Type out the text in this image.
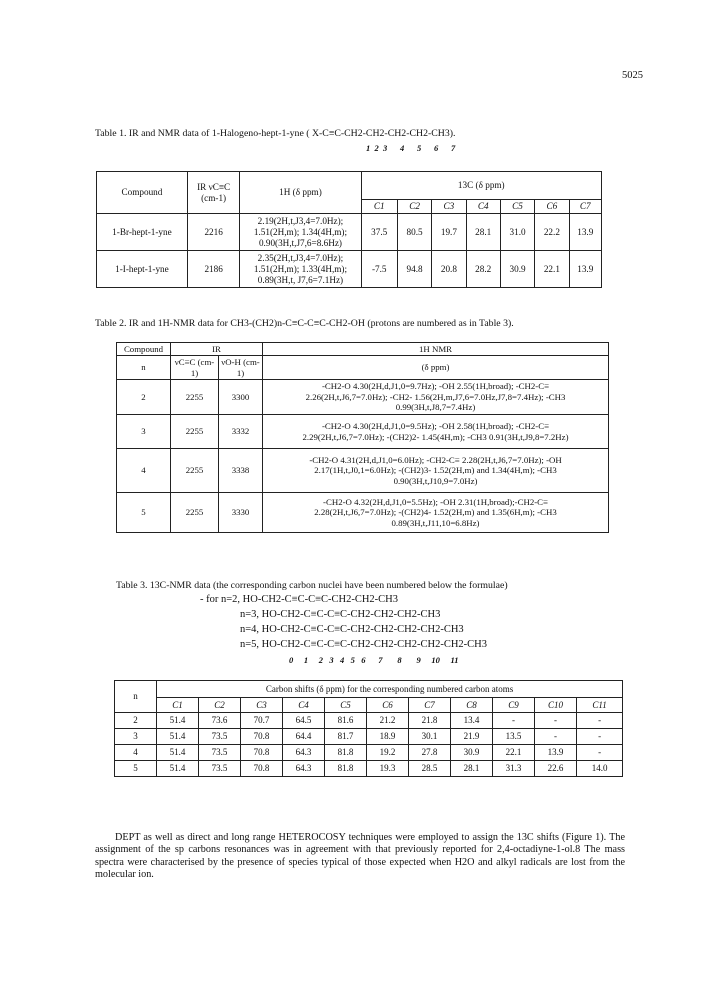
5025
Table 1. IR and NMR data of 1-Halogeno-hept-1-yne ( X-C≡C-CH2-CH2-CH2-CH2-CH3).
1  2  3      4      5      6      7
Compound	IR νC≡C (cm-1)	1H (δ ppm)	13C (δ ppm)						
			C1	C2	C3	C4	C5	C6	C7
1-Br-hept-1-yne	2216	2.19(2H,t,J3,4=7.0Hz);
1.51(2H,m); 1.34(4H,m);
0.90(3H,t,J7,6=8.6Hz)	37.5	80.5	19.7	28.1	31.0	22.2	13.9
1-I-hept-1-yne	2186	2.35(2H,t,J3,4=7.0Hz);
1.51(2H,m); 1.33(4H,m);
0.89(3H,t, J7,6=7.1Hz)	-7.5	94.8	20.8	28.2	30.9	22.1	13.9
Table 2. IR and 1H-NMR data for CH3-(CH2)n-C≡C-C≡C-CH2-OH (protons are numbered as in Table 3).
Compound	IR		1H NMR
n	νC≡C (cm-1)	νO-H (cm-1)	(δ ppm)
2	2255	3300	-CH2-O 4.30(2H,d,J1,0=9.7Hz); -OH 2.55(1H,broad); -CH2-C≡
2.26(2H,t,J6,7=7.0Hz); -CH2- 1.56(2H,m,J7,6=7.0Hz,J7,8=7.4Hz); -CH3
0.99(3H,t,J8,7=7.4Hz)

3	2255	3332	-CH2-O 4.30(2H,d,J1,0=9.5Hz); -OH 2.58(1H,broad); -CH2-C≡
2.29(2H,t,J6,7=7.0Hz); -(CH2)2- 1.45(4H,m); -CH3 0.91(3H,t,J9,8=7.2Hz)

4	2255	3338	-CH2-O 4.31(2H,d,J1,0=6.0Hz); -CH2-C≡ 2.28(2H,t,J6,7=7.0Hz); -OH
2.17(1H,t,J0,1=6.0Hz); -(CH2)3- 1.52(2H,m) and 1.34(4H,m); -CH3
0.90(3H,t,J10,9=7.0Hz)

5	2255	3330	-CH2-O 4.32(2H,d,J1,0=5.5Hz); -OH 2.31(1H,broad);-CH2-C≡
2.28(2H,t,J6,7=7.0Hz); -(CH2)4- 1.52(2H,m) and 1.35(6H,m); -CH3
0.89(3H,t,J11,10=6.8Hz)
Table 3. 13C-NMR data (the corresponding carbon nuclei have been numbered below the formulae)
- for n=2, HO-CH2-C≡C-C≡C-CH2-CH2-CH3
n=3, HO-CH2-C≡C-C≡C-CH2-CH2-CH2-CH3
n=4, HO-CH2-C≡C-C≡C-CH2-CH2-CH2-CH2-CH3
n=5, HO-CH2-C≡C-C≡C-CH2-CH2-CH2-CH2-CH2-CH3
0     1     2   3   4   5   6      7       8       9     10     11
n	Carbon shifts (δ ppm) for the corresponding numbered carbon atoms										
	C1	C2	C3	C4	C5	C6	C7	C8	C9	C10	C11
2	51.4	73.6	70.7	64.5	81.6	21.2	21.8	13.4	-	-	-
3	51.4	73.5	70.8	64.4	81.7	18.9	30.1	21.9	13.5	-	-
4	51.4	73.5	70.8	64.3	81.8	19.2	27.8	30.9	22.1	13.9	-
5	51.4	73.5	70.8	64.3	81.8	19.3	28.5	28.1	31.3	22.6	14.0
DEPT as well as direct and long range HETEROCOSY techniques were employed to assign the 13C shifts (Figure 1). The assignment of the sp carbons resonances was in agreement with that previously reported for 2,4-octadiyne-1-ol.8 The mass spectra were characterised by the presence of species typical of those expected when H2O and alkyl radicals are lost from the molecular ion.
